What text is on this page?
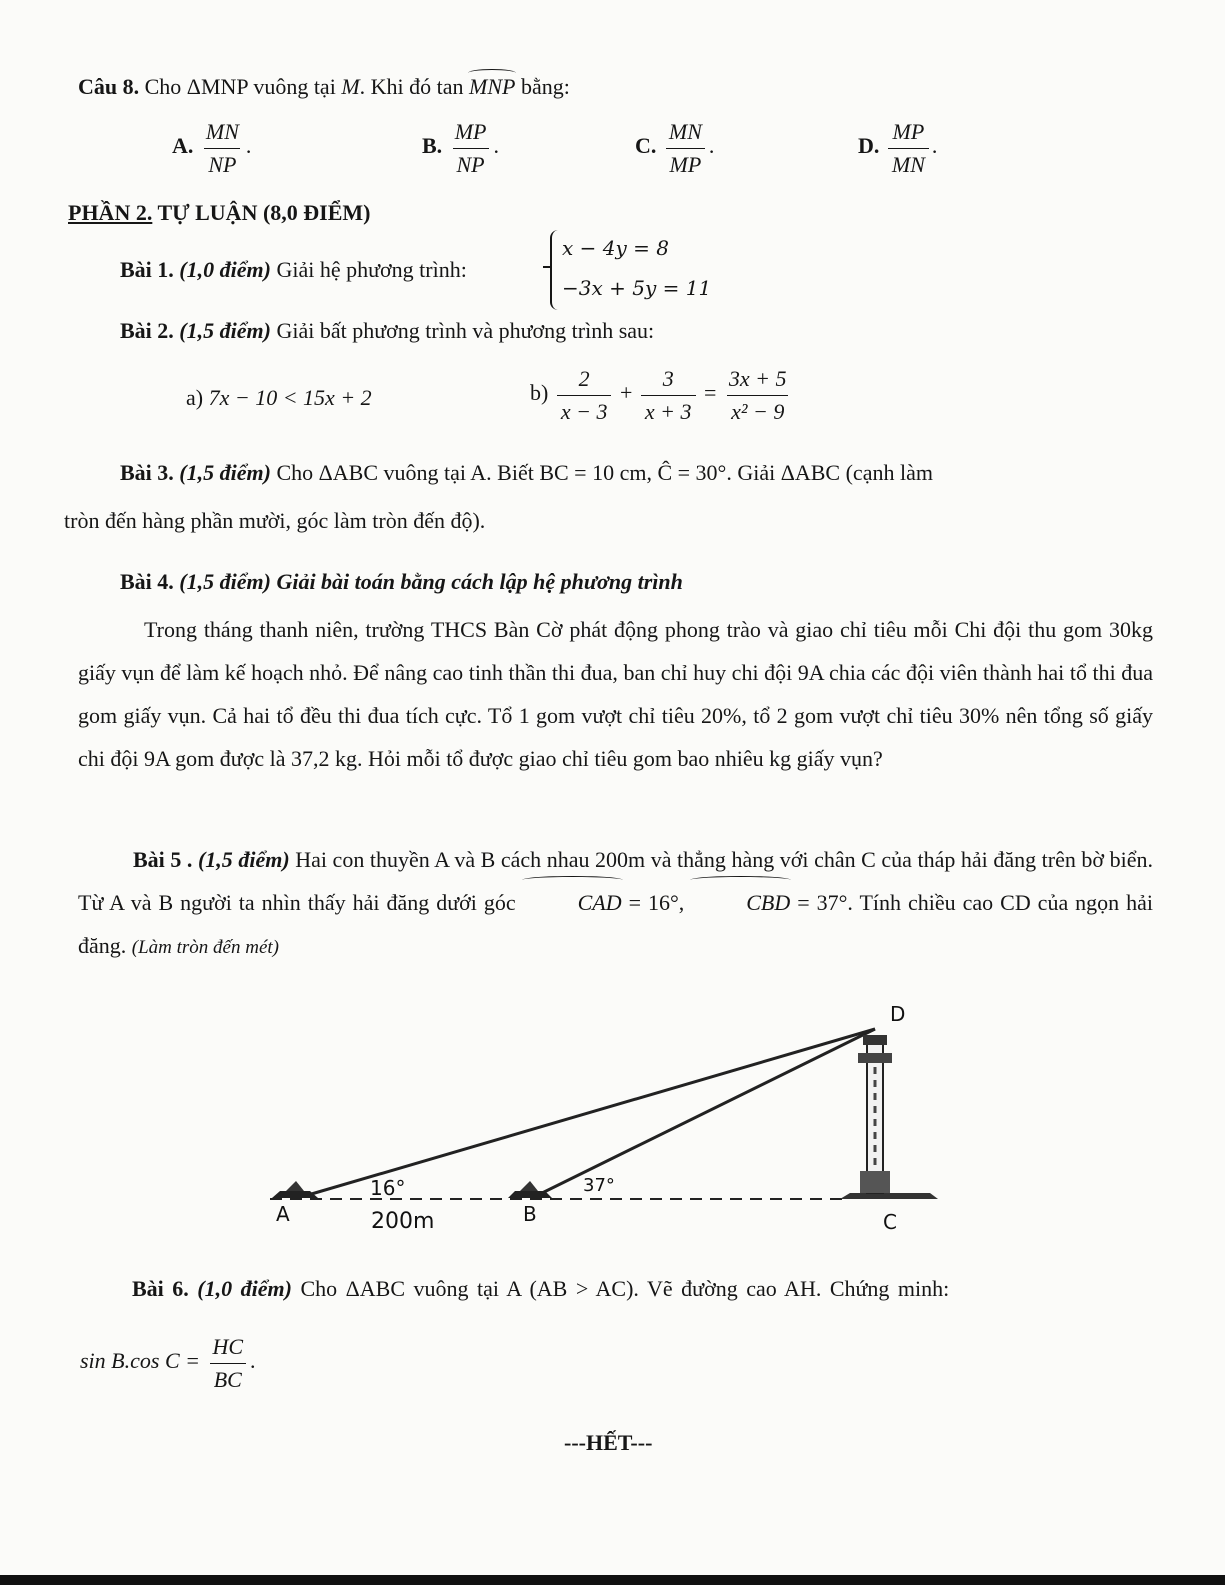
Câu 8. Cho ΔMNP vuông tại M. Khi đó tan MNP bằng:
A. $\frac{MN}{NP}$ .	B. $\frac{MP}{NP}$ .	C. $\frac{MN}{MP}$ .	D. $\frac{MP}{MN}$ .
PHẦN 2. TỰ LUẬN (8,0 ĐIỂM)
Bài 1. (1,0 điểm) Giải hệ phương trình:
x − 4y = 8
−3x + 5y = 11
Bài 2. (1,5 điểm) Giải bất phương trình và phương trình sau:
a) 7x − 10 < 15x + 2	$b) \frac{2}{x - 3} + \frac{3}{x + 3} = \frac{3x + 5}{\text{x² − 9}}$
Bài 3. (1,5 điểm) Cho ΔABC vuông tại A. Biết BC = 10 cm, Ĉ = 30°. Giải ΔABC (cạnh làm
tròn đến hàng phần mười, góc làm tròn đến độ).
Bài 4. (1,5 điểm) Giải bài toán bằng cách lập hệ phương trình
Trong tháng thanh niên, trường THCS Bàn Cờ phát động phong trào và giao chỉ tiêu mỗi Chi đội thu gom 30kg giấy vụn để làm kế hoạch nhỏ. Để nâng cao tinh thần thi đua, ban chỉ huy chi đội 9A chia các đội viên thành hai tổ thi đua gom giấy vụn. Cả hai tổ đều thi đua tích cực. Tổ 1 gom vượt chỉ tiêu 20%, tổ 2 gom vượt chỉ tiêu 30% nên tổng số giấy chi đội 9A gom được là 37,2 kg. Hỏi mỗi tổ được giao chỉ tiêu gom bao nhiêu kg giấy vụn?
Bài 5 . (1,5 điểm) Hai con thuyền A và B cách nhau 200m và thẳng hàng với chân C của tháp hải đăng trên bờ biển. Từ A và B người ta nhìn thấy hải đăng dưới góc	CAD = 16°,	CBD = 37°. Tính chiều cao CD của ngọn hải đăng. (Làm tròn đến mét)
D
16°	37°
A	200m	B	C
Bài 6. (1,0 điểm) Cho ΔABC vuông tại A (AB > AC). Vẽ đường cao AH. Chứng minh:
sin B.cos $C = \frac{HC}{BC}$ .
---HẾT---
